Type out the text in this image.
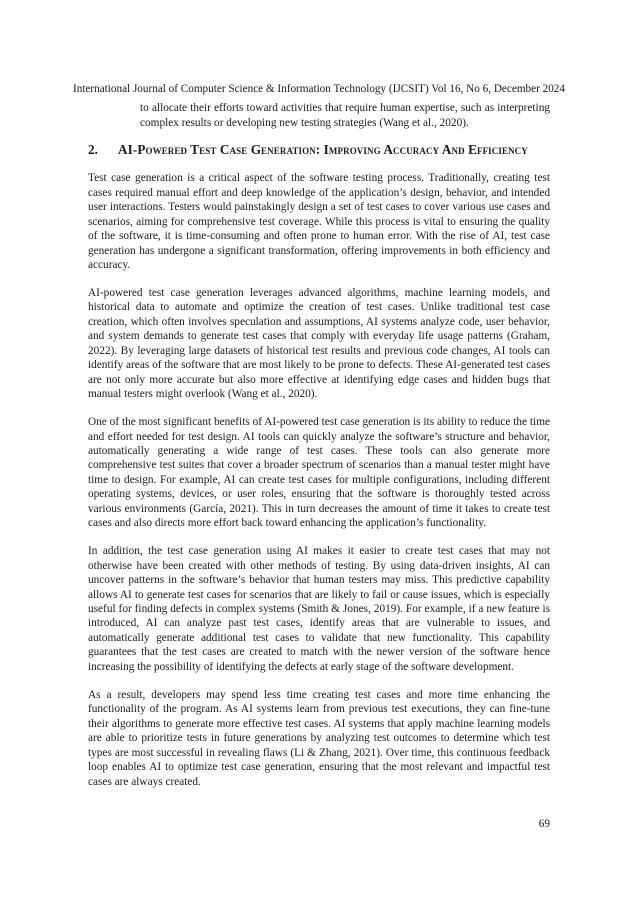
International Journal of Computer Science & Information Technology (IJCSIT) Vol 16, No 6, December 2024

to allocate their efforts toward activities that require human expertise, such as interpreting complex results or developing new testing strategies (Wang et al., 2020).

2.	AI-Powered Test Case Generation: Improving Accuracy And Efficiency

Test case generation is a critical aspect of the software testing process. Traditionally, creating test cases required manual effort and deep knowledge of the application’s design, behavior, and intended user interactions. Testers would painstakingly design a set of test cases to cover various use cases and scenarios, aiming for comprehensive test coverage. While this process is vital to ensuring the quality of the software, it is time-consuming and often prone to human error. With the rise of AI, test case generation has undergone a significant transformation, offering improvements in both efficiency and accuracy.

AI-powered test case generation leverages advanced algorithms, machine learning models, and historical data to automate and optimize the creation of test cases. Unlike traditional test case creation, which often involves speculation and assumptions, AI systems analyze code, user behavior, and system demands to generate test cases that comply with everyday life usage patterns (Graham, 2022). By leveraging large datasets of historical test results and previous code changes, AI tools can identify areas of the software that are most likely to be prone to defects. These AI-generated test cases are not only more accurate but also more effective at identifying edge cases and hidden bugs that manual testers might overlook (Wang et al., 2020).

One of the most significant benefits of AI-powered test case generation is its ability to reduce the time and effort needed for test design. AI tools can quickly analyze the software’s structure and behavior, automatically generating a wide range of test cases. These tools can also generate more comprehensive test suites that cover a broader spectrum of scenarios than a manual tester might have time to design. For example, AI can create test cases for multiple configurations, including different operating systems, devices, or user roles, ensuring that the software is thoroughly tested across various environments (García, 2021). This in turn decreases the amount of time it takes to create test cases and also directs more effort back toward enhancing the application’s functionality.

In addition, the test case generation using AI makes it easier to create test cases that may not otherwise have been created with other methods of testing. By using data-driven insights, AI can uncover patterns in the software’s behavior that human testers may miss. This predictive capability allows AI to generate test cases for scenarios that are likely to fail or cause issues, which is especially useful for finding defects in complex systems (Smith & Jones, 2019). For example, if a new feature is introduced, AI can analyze past test cases, identify areas that are vulnerable to issues, and automatically generate additional test cases to validate that new functionality. This capability guarantees that the test cases are created to match with the newer version of the software hence increasing the possibility of identifying the defects at early stage of the software development.

As a result, developers may spend less time creating test cases and more time enhancing the functionality of the program. As AI systems learn from previous test executions, they can fine-tune their algorithms to generate more effective test cases. AI systems that apply machine learning models are able to prioritize tests in future generations by analyzing test outcomes to determine which test types are most successful in revealing flaws (Li & Zhang, 2021). Over time, this continuous feedback loop enables AI to optimize test case generation, ensuring that the most relevant and impactful test cases are always created.

69
